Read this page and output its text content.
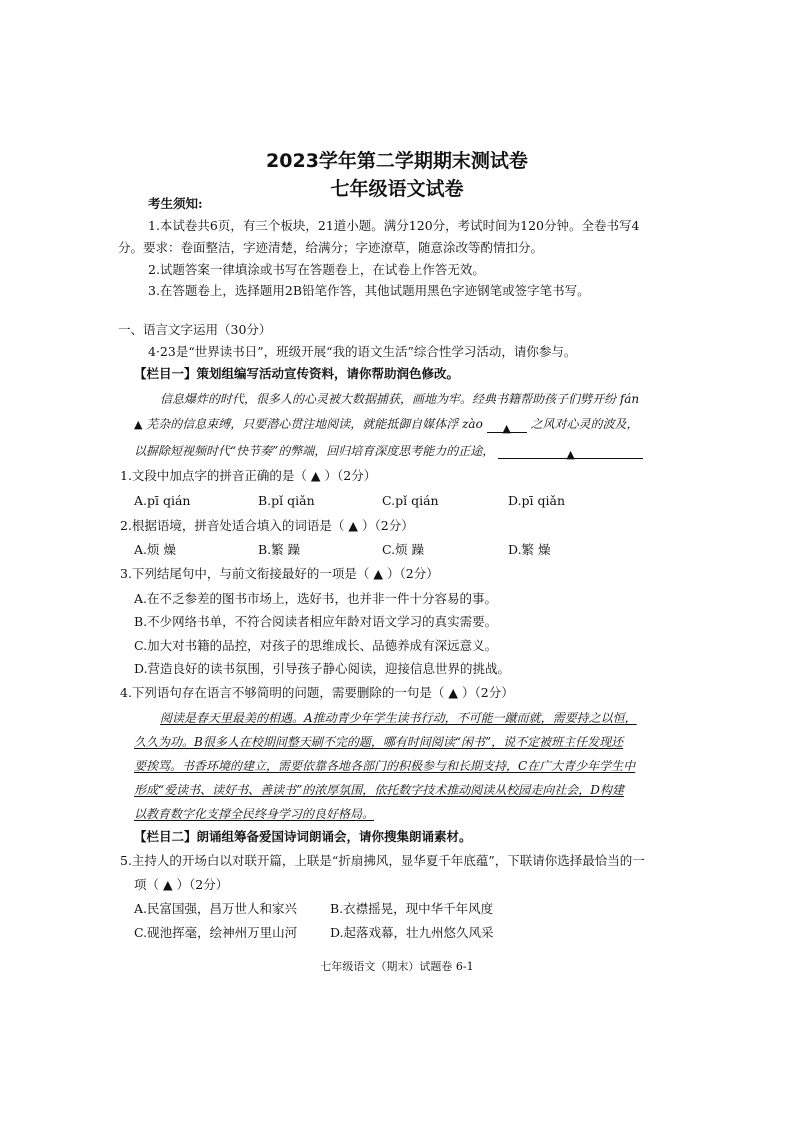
2023学年第二学期期末测试卷
七年级语文试卷
考生须知:
1.本试卷共6页，有三个板块，21道小题。满分120分，考试时间为120分钟。全卷书写4
分。要求：卷面整洁，字迹清楚，给满分；字迹潦草，随意涂改等酌情扣分。
2.试题答案一律填涂或书写在答题卷上，在试卷上作答无效。
3.在答题卷上，选择题用2B铅笔作答，其他试题用黑色字迹钢笔或签字笔书写。
一、语言文字运用（30分）
4·23是“世界读书日”，班级开展“我的语文生活”综合性学习活动，请你参与。
【栏目一】策划组编写活动宣传资料，请你帮助润色修改。
信息爆炸的时代，很多人的心灵被大数据捕获，画地为牢。经典书籍帮助孩子们劈开纷 fán
▲ 芜杂的信息束缚，只要潜心贯注地阅读，就能抵御自媒体浮 zào ▲ 之风对心灵的波及，
以摒除短视频时代“快节奏”的弊端，回归培育深度思考能力的正途，	▲
1.文段中加点字的拼音正确的是（ ▲ ）（2分）
A.pī qián	B.pǐ qiǎn	C.pǐ qián	D.pī qiǎn
2.根据语境，拼音处适合填入的词语是（ ▲ ）（2分）
A.烦 燥	B.繁 躁	C.烦 躁	D.繁 燥
3.下列结尾句中，与前文衔接最好的一项是（ ▲ ）（2分）
A.在不乏参差的图书市场上，选好书，也并非一件十分容易的事。
B.不少网络书单，不符合阅读者相应年龄对语文学习的真实需要。
C.加大对书籍的品控，对孩子的思维成长、品德养成有深远意义。
D.营造良好的读书氛围，引导孩子静心阅读，迎接信息世界的挑战。
4.下列语句存在语言不够简明的问题，需要删除的一句是（ ▲ ）（2分）
阅读是春天里最美的相遇。A推动青少年学生读书行动，不可能一蹴而就，需要持之以恒，
久久为功。B很多人在校期间整天刷不完的题，哪有时间阅读“闲书”，说不定被班主任发现还
要挨骂。书香环境的建立，需要依靠各地各部门的积极参与和长期支持，C在广大青少年学生中
形成“爱读书、读好书、善读书”的浓厚氛围，依托数字技术推动阅读从校园走向社会，D构建
以教育数字化支撑全民终身学习的良好格局。
【栏目二】朗诵组筹备爱国诗词朗诵会，请你搜集朗诵素材。
5.主持人的开场白以对联开篇，上联是“折扇拂风，显华夏千年底蕴”，下联请你选择最恰当的一
项（ ▲ ）（2分）
A.民富国强，昌万世人和家兴	B.衣襟摇晃，现中华千年风度
C.砚池挥毫，绘神州万里山河	D.起落戏幕，壮九州悠久风采
七年级语文（期末）试题卷 6-1
